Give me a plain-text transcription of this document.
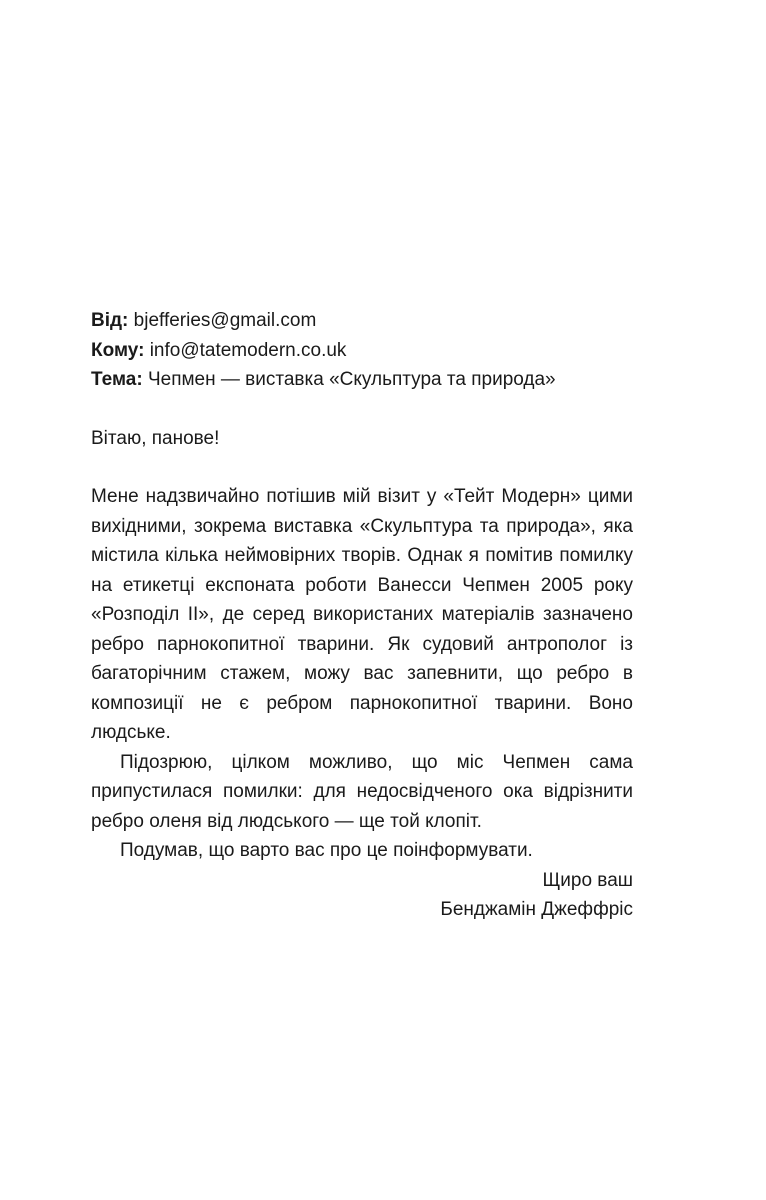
Від: bjefferies@gmail.com
Кому: info@tatemodern.co.uk
Тема: Чепмен — виставка «Скульптура та природа»
Вітаю, панове!

Мене надзвичайно потішив мій візит у «Тейт Модерн» цими вихідними, зокрема виставка «Скульптура та природа», яка містила кілька неймовірних творів. Однак я помітив помилку на етикетці експоната роботи Ванесси Чепмен 2005 року «Розподіл ІІ», де серед використаних матеріалів зазначено ребро парнокопитної тварини. Як судовий антрополог із багаторічним стажем, можу вас запевнити, що ребро в композиції не є ребром парнокопитної тварини. Воно людське.

Підозрюю, цілком можливо, що міс Чепмен сама припустилася помилки: для недосвідченого ока відрізнити ребро оленя від людського — ще той клопіт.

Подумав, що варто вас про це поінформувати.

Щиро ваш
Бенджамін Джеффріс
